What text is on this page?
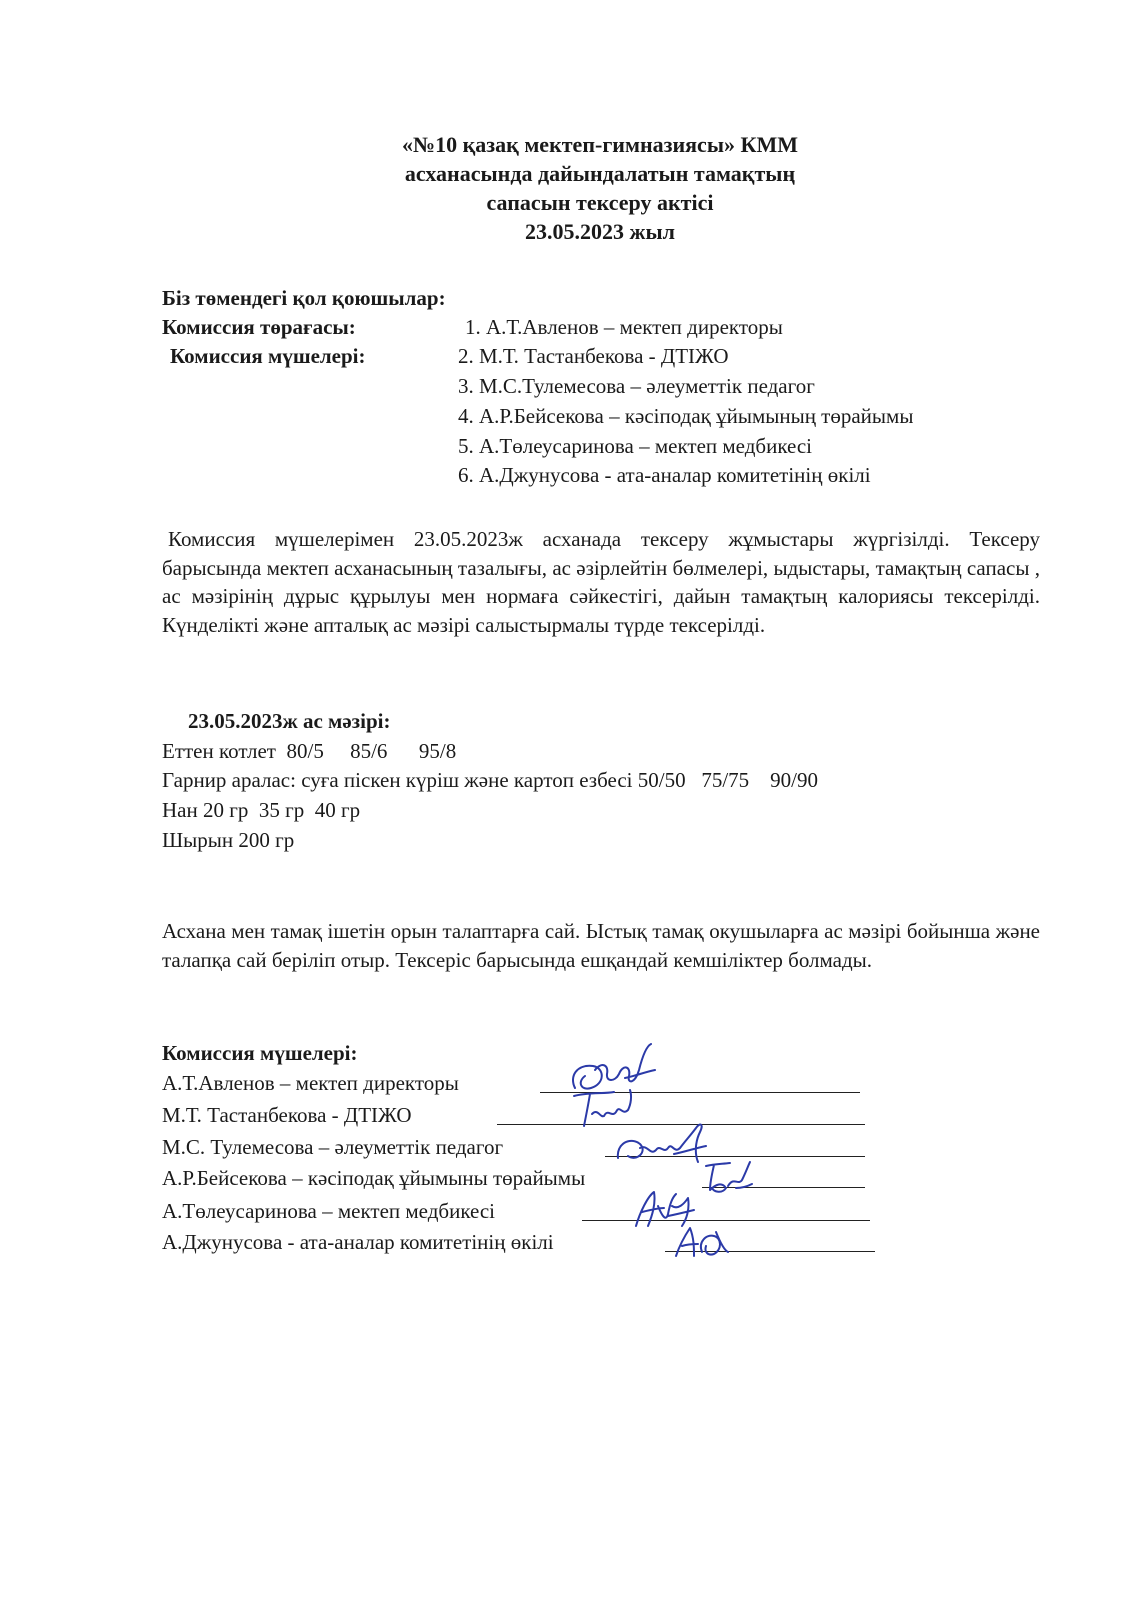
«№10 қазақ мектеп-гимназиясы» КММ
асханасында дайындалатын тамақтың
сапасын тексеру актісі
23.05.2023 жыл
Біз төмендегі қол қоюшылар:
Комиссия төрағасы:
Комиссия мүшелері:
1. А.Т.Авленов – мектеп директоры
2. М.Т. Тастанбекова - ДТІЖО
3. М.С.Тулемесова – әлеуметтік педагог
4. А.Р.Бейсекова – кәсіподақ ұйымының төрайымы
5. А.Төлеусаринова – мектеп медбикесі
6. А.Джунусова - ата-аналар комитетінің өкілі
Комиссия мүшелерімен 23.05.2023ж асханада тексеру жұмыстары жүргізілді. Тексеру барысында мектеп асханасының тазалығы, ас әзірлейтін бөлмелері, ыдыстары, тамақтың сапасы , ас мәзірінің дұрыс құрылуы мен нормаға сәйкестігі, дайын тамақтың калориясы тексерілді. Күнделікті және апталық ас мәзірі салыстырмалы түрде тексерілді.
23.05.2023ж ас мәзірі:
Еттен котлет  80/5     85/6      95/8
Гарнир аралас: суға піскен күріш және картоп езбесі 50/50   75/75    90/90
Нан 20 гр  35 гр  40 гр
Шырын 200 гр
Асхана мен тамақ ішетін орын талаптарға сай. Ыстық тамақ окушыларға ас мәзірі бойынша және талапқа сай беріліп отыр. Тексеріс барысында ешқандай кемшіліктер болмады.
Комиссия мүшелері:
А.Т.Авленов – мектеп директоры
М.Т. Тастанбекова - ДТІЖО
М.С. Тулемесова – әлеуметтік педагог
А.Р.Бейсекова – кәсіподақ ұйымыны төрайымы
А.Төлеусаринова – мектеп медбикесі
А.Джунусова - ата-аналар комитетінің өкілі
